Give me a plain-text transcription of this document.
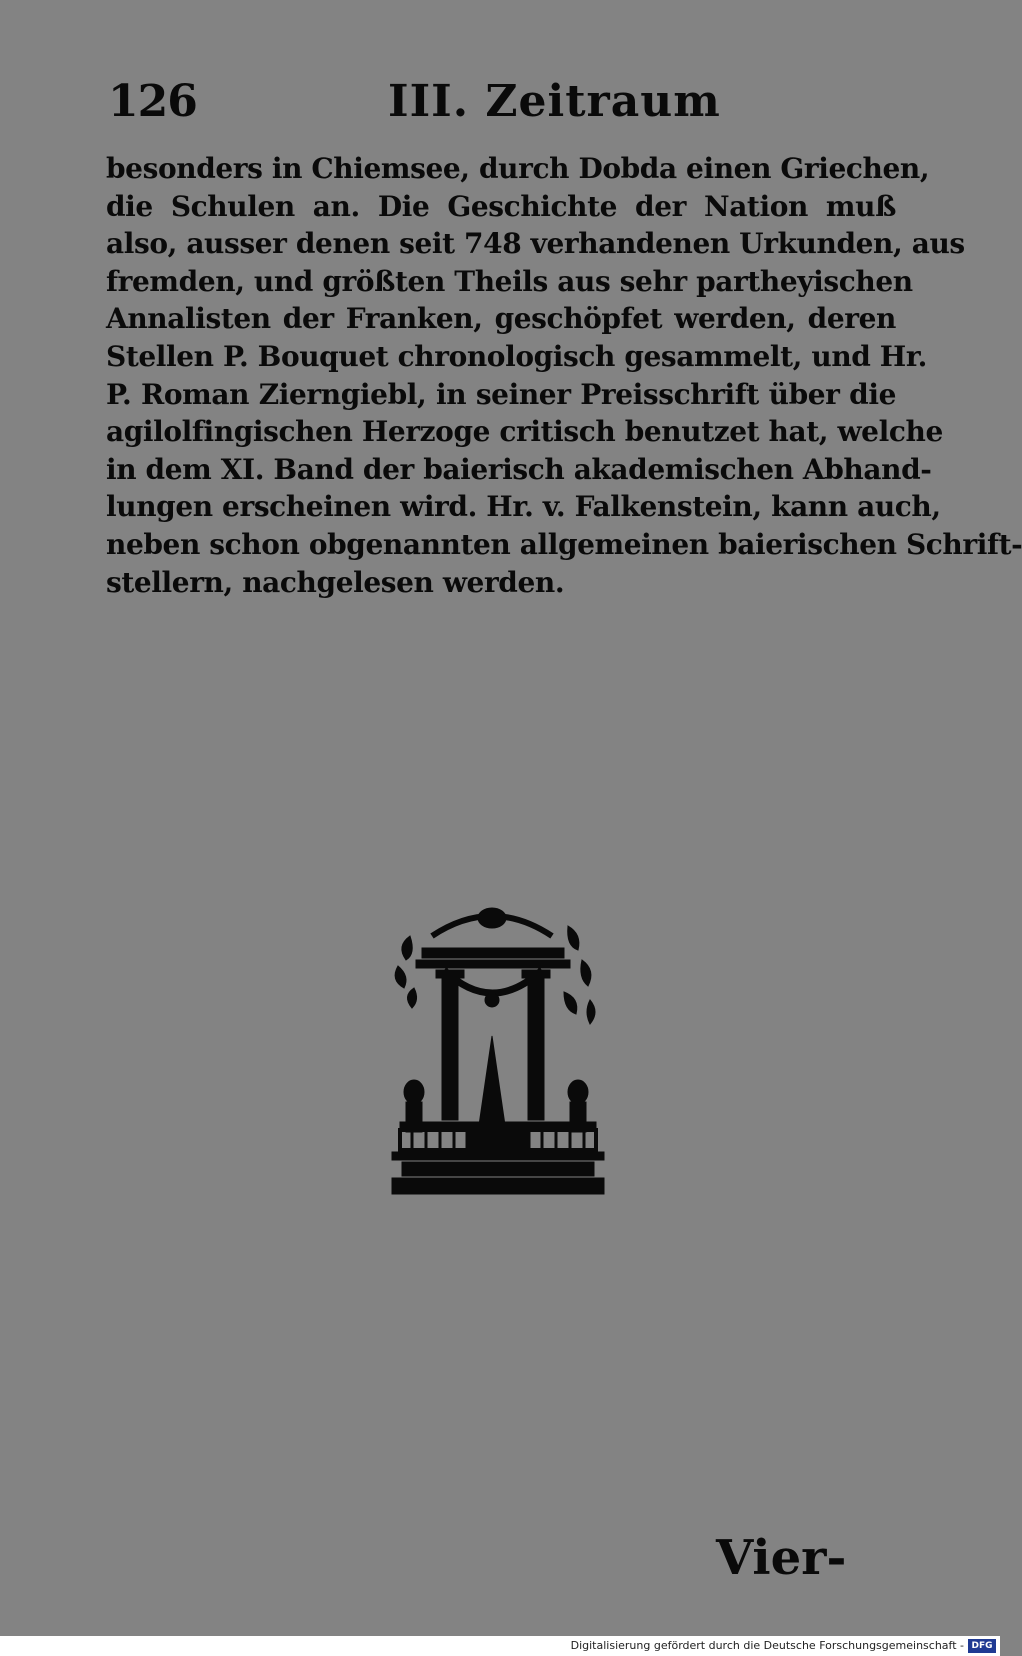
126	III. Zeitraum
besonders in Chiemsee, durch Dobda einen Griechen,
die Schulen an. Die Geschichte der Nation muß
also, ausser denen seit 748 verhandenen Urkunden, aus
fremden, und größten Theils aus sehr partheyischen
Annalisten der Franken, geschöpfet werden, deren
Stellen P. Bouquet chronologisch gesammelt, und Hr.
P. Roman Zierngiebl, in seiner Preisschrift über die
agilolfingischen Herzoge critisch benutzet hat, welche
in dem XI. Band der baierisch akademischen Abhand-
lungen erscheinen wird. Hr. v. Falkenstein, kann auch,
neben schon obgenannten allgemeinen baierischen Schrift-
stellern, nachgelesen werden.
Vier-
Digitalisierung gefördert durch die Deutsche Forschungsgemeinschaft - DFG
